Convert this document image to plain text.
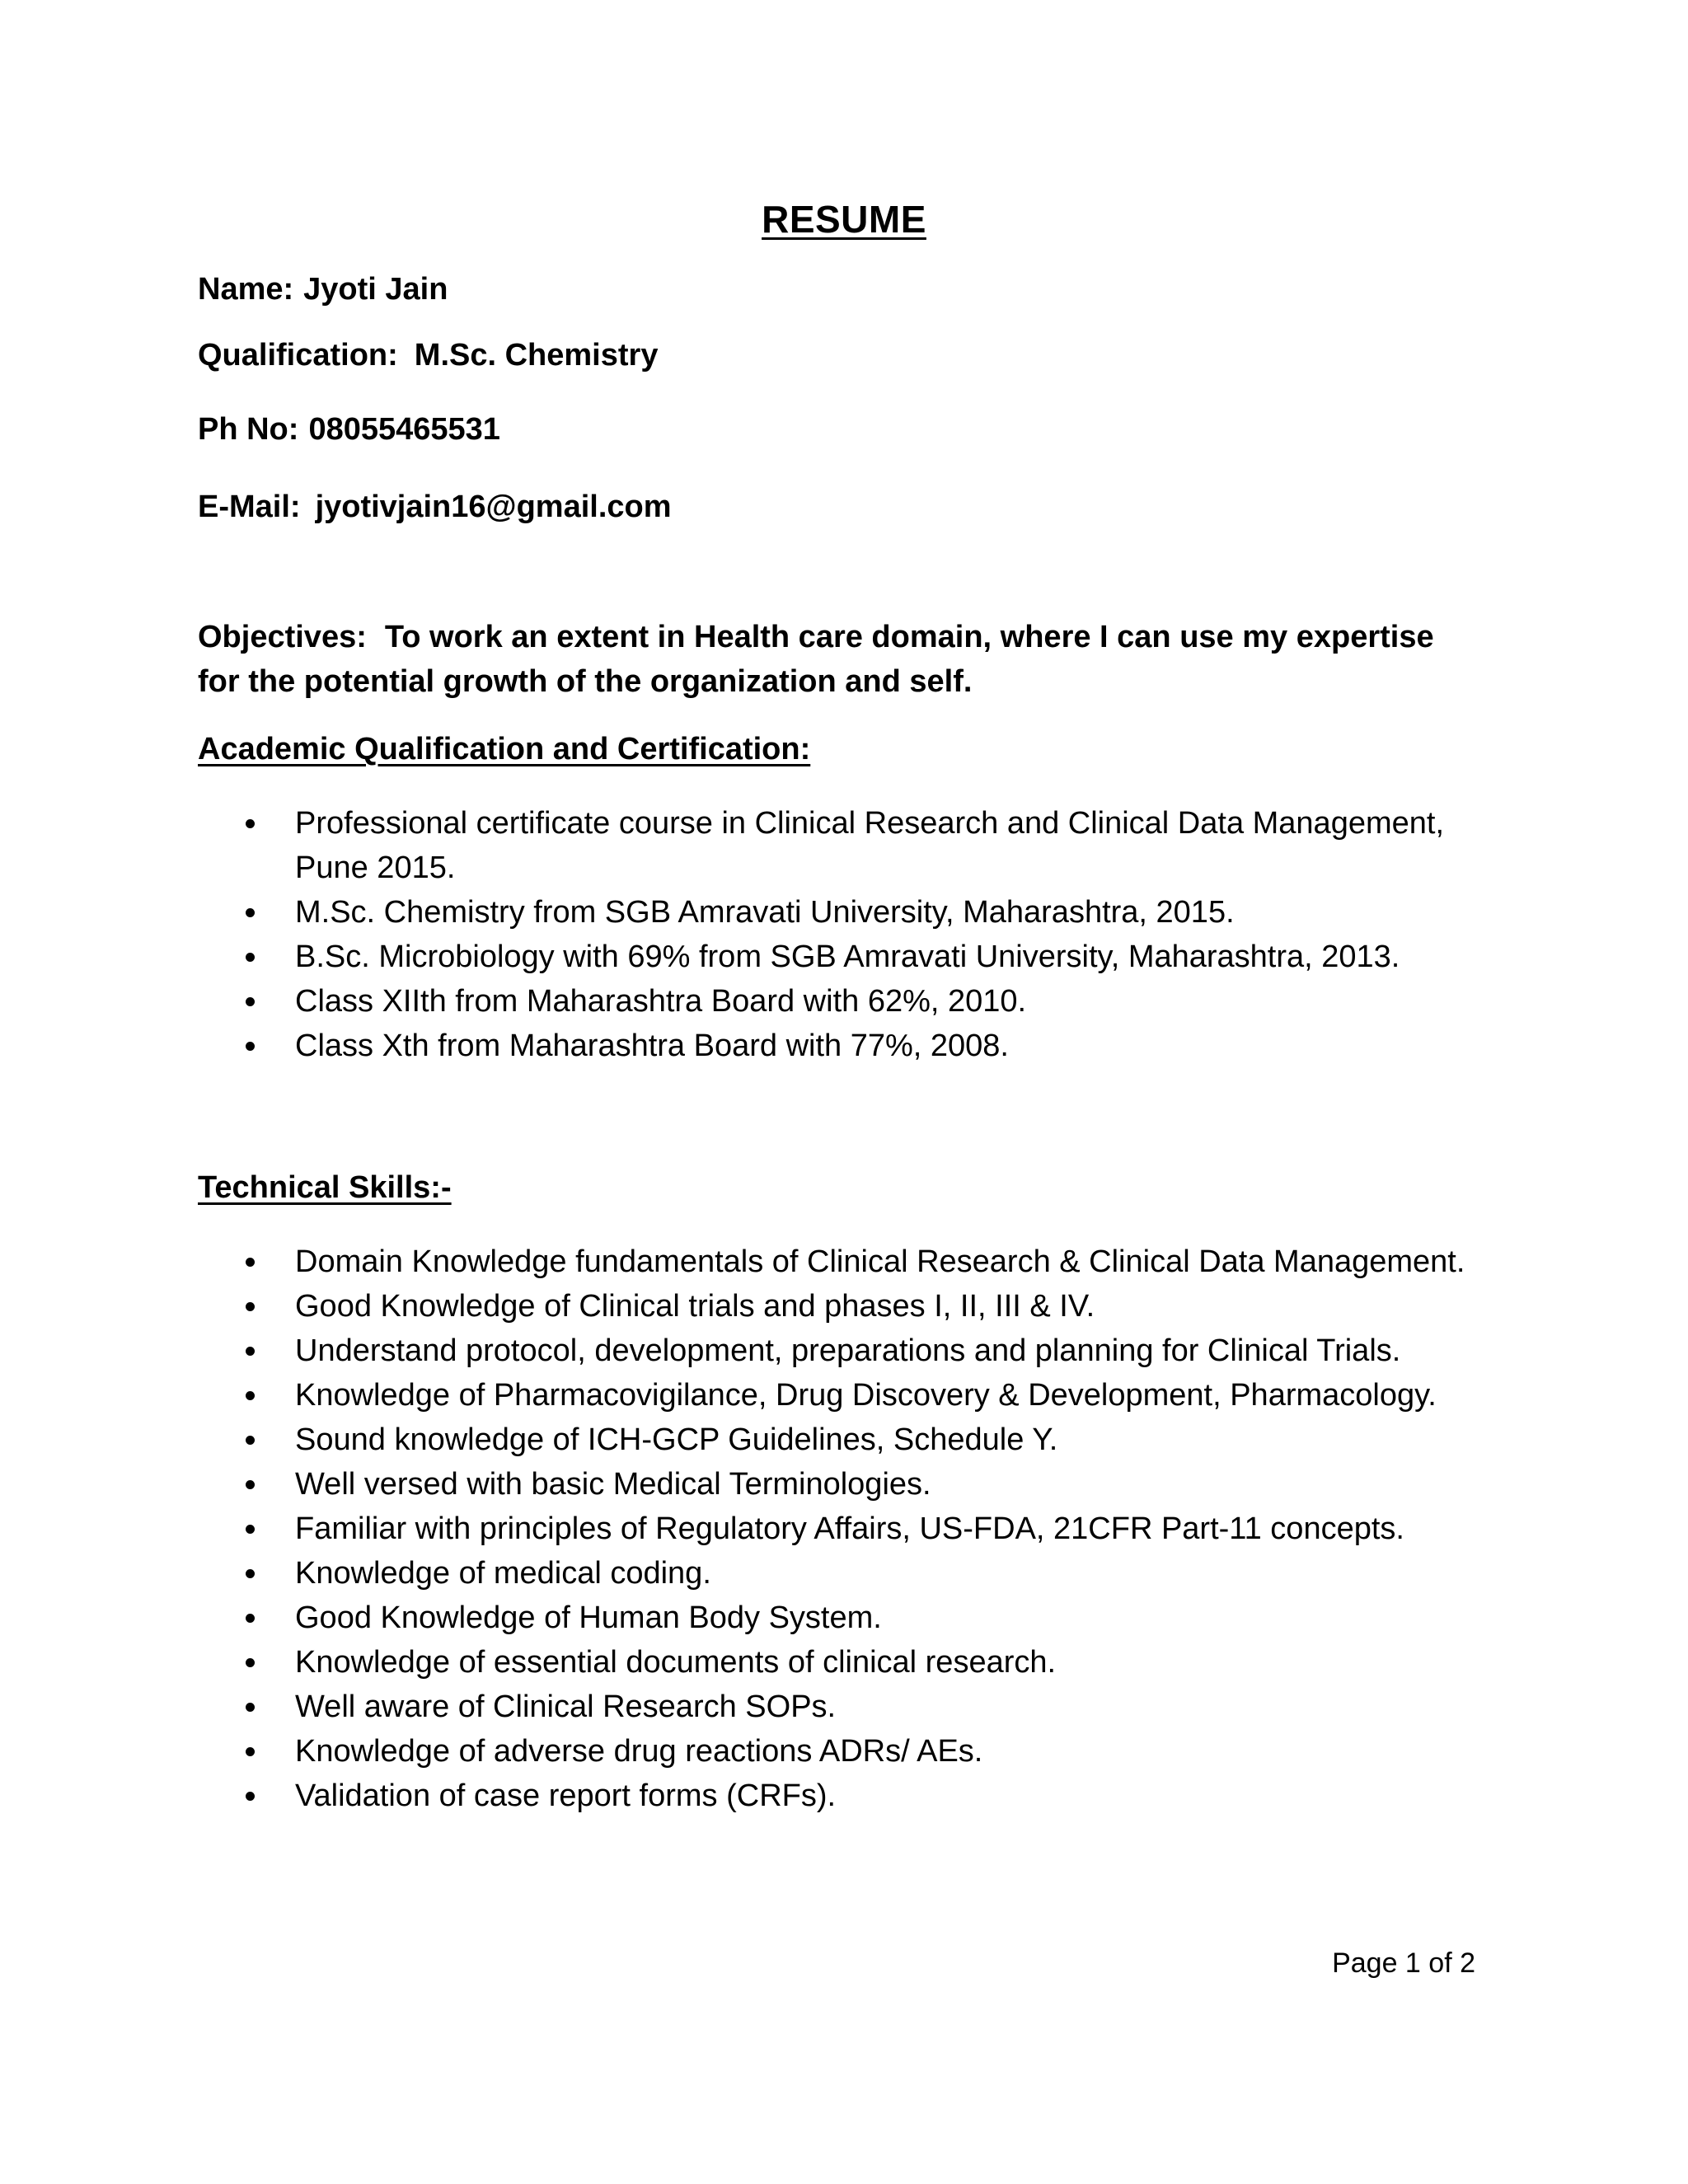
RESUME

Name: Jyoti Jain

Qualification: M.Sc. Chemistry

Ph No: 08055465531

E-Mail: jyotivjain16@gmail.com

Objectives: To work an extent in Health care domain, where I can use my expertise for the potential growth of the organization and self.

Academic Qualification and Certification:
Professional certificate course in Clinical Research and Clinical Data Management, Pune 2015.
M.Sc. Chemistry from SGB Amravati University, Maharashtra, 2015.
B.Sc. Microbiology with 69% from SGB Amravati University, Maharashtra, 2013.
Class XIIth from Maharashtra Board with 62%, 2010.
Class Xth from Maharashtra Board with 77%, 2008.
Technical Skills:-
Domain Knowledge fundamentals of Clinical Research & Clinical Data Management.
Good Knowledge of Clinical trials and phases I, II, III & IV.
Understand protocol, development, preparations and planning for Clinical Trials.
Knowledge of Pharmacovigilance, Drug Discovery & Development, Pharmacology.
Sound knowledge of ICH-GCP Guidelines, Schedule Y.
Well versed with basic Medical Terminologies.
Familiar with principles of Regulatory Affairs, US-FDA, 21CFR Part-11 concepts.
Knowledge of medical coding.
Good Knowledge of Human Body System.
Knowledge of essential documents of clinical research.
Well aware of Clinical Research SOPs.
Knowledge of adverse drug reactions ADRs/ AEs.
Validation of case report forms (CRFs).

Page 1 of 2
